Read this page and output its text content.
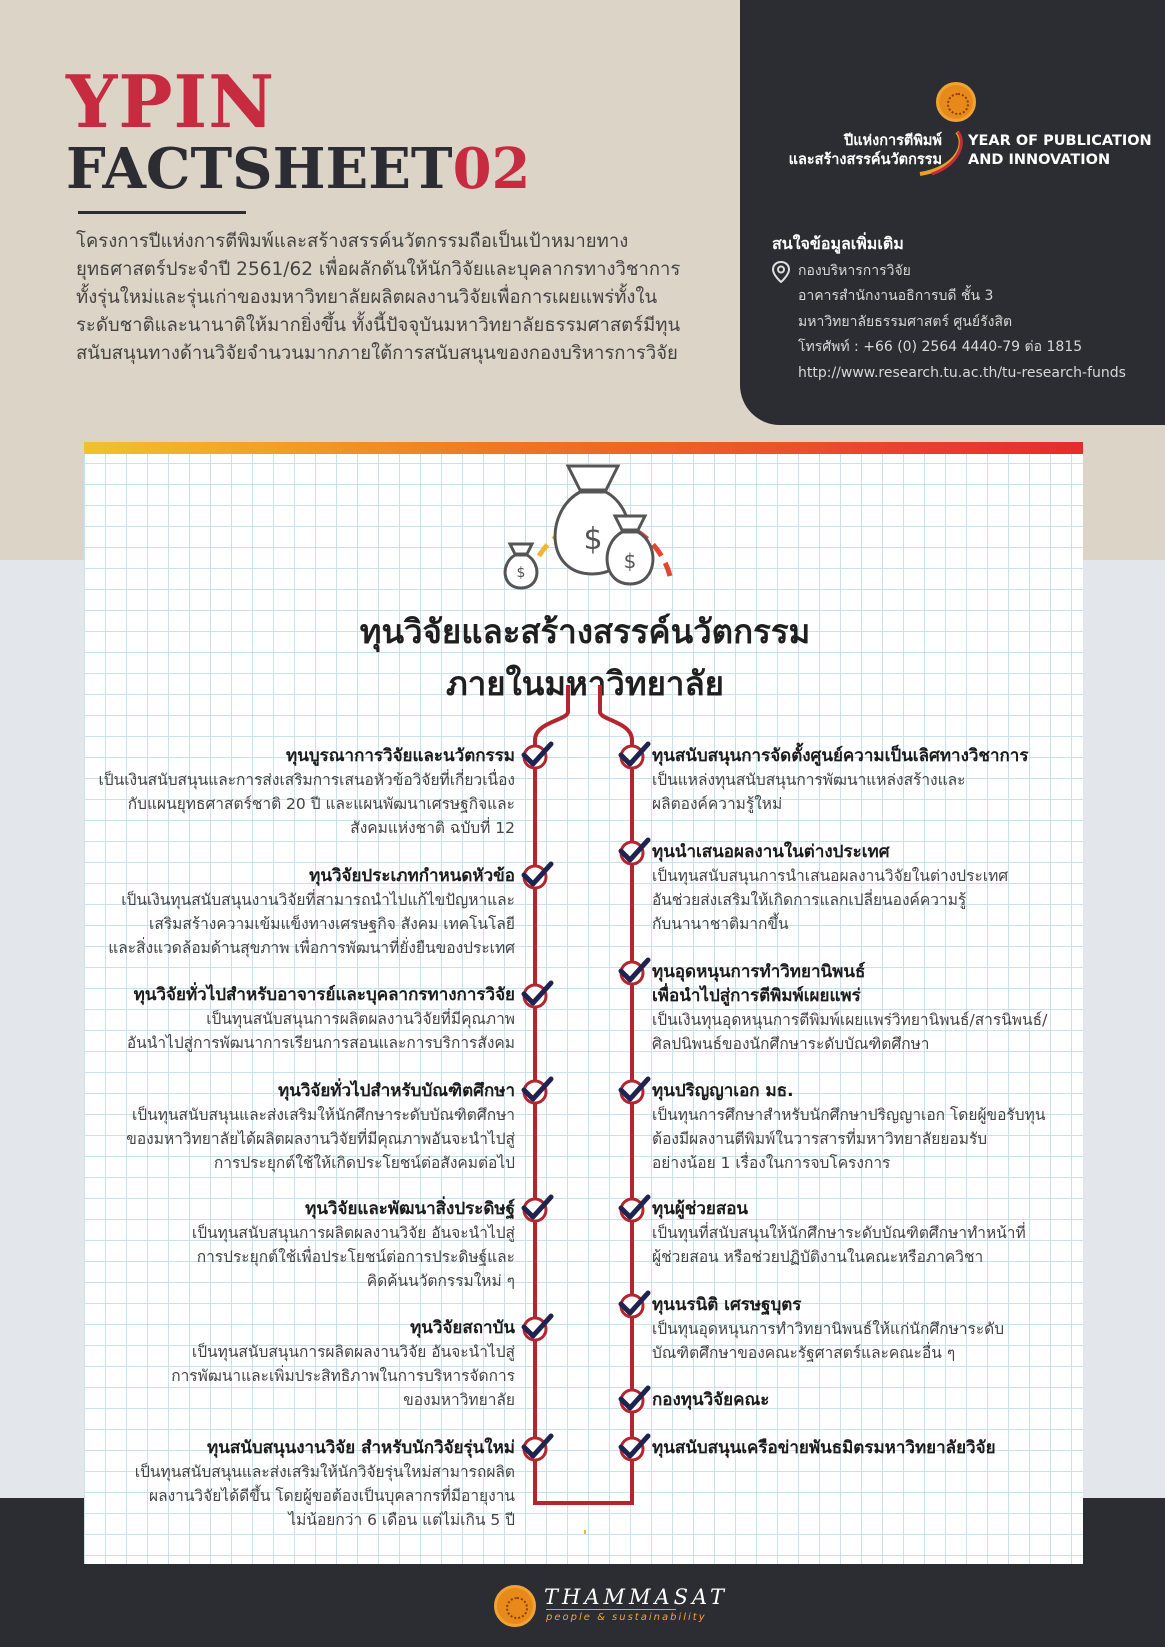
YPIN
FACTSHEET02

โครงการปีแห่งการตีพิมพ์และสร้างสรรค์นวัตกรรมถือเป็นเป้าหมายทาง

ยุทธศาสตร์ประจำปี 2561/62 เพื่อผลักดันให้นักวิจัยและบุคลากรทางวิชาการ

ทั้งรุ่นใหม่และรุ่นเก่าของมหาวิทยาลัยผลิตผลงานวิจัยเพื่อการเผยแพร่ทั้งใน

ระดับชาติและนานาติให้มากยิ่งขึ้น ทั้งนี้ปัจจุบันมหาวิทยาลัยธรรมศาสตร์มีทุน

สนับสนุนทางด้านวิจัยจำนวนมากภายใต้การสนับสนุนของกองบริหารการวิจัย

ปีแห่งการตีพิมพ์
และสร้างสรรค์นวัตกรรม
YEAR OF PUBLICATION
AND INNOVATION
สนใจข้อมูลเพิ่มเติม
กองบริหารการวิจัย
อาคารสำนักงานอธิการบดี ชั้น 3
มหาวิทยาลัยธรรมศาสตร์ ศูนย์รังสิต
โทรศัพท์ : +66 (0) 2564 4440-79 ต่อ 1815
http://www.research.tu.ac.th/tu-research-funds
$
$
$
ทุนวิจัยและสร้างสรรค์นวัตกรรม
ภายในมหาวิทยาลัย
ทุนบูรณาการวิจัยและนวัตกรรม

เป็นเงินสนับสนุนและการส่งเสริมการเสนอหัวข้อวิจัยที่เกี่ยวเนื่อง

กับแผนยุทธศาสตร์ชาติ 20 ปี และแผนพัฒนาเศรษฐกิจและ

สังคมแห่งชาติ ฉบับที่ 12

ทุนวิจัยประเภทกำหนดหัวข้อ

เป็นเงินทุนสนับสนุนงานวิจัยที่สามารถนำไปแก้ไขปัญหาและ

เสริมสร้างความเข้มแข็งทางเศรษฐกิจ สังคม เทคโนโลยี

และสิ่งแวดล้อมด้านสุขภาพ เพื่อการพัฒนาที่ยั่งยืนของประเทศ

ทุนวิจัยทั่วไปสำหรับอาจารย์และบุคลากรทางการวิจัย

เป็นทุนสนับสนุนการผลิตผลงานวิจัยที่มีคุณภาพ

อันนำไปสู่การพัฒนาการเรียนการสอนและการบริการสังคม

ทุนวิจัยทั่วไปสำหรับบัณฑิตศึกษา

เป็นทุนสนับสนุนและส่งเสริมให้นักศึกษาระดับบัณฑิตศึกษา

ของมหาวิทยาลัยได้ผลิตผลงานวิจัยที่มีคุณภาพอันจะนำไปสู่

การประยุกต์ใช้ให้เกิดประโยชน์ต่อสังคมต่อไป

ทุนวิจัยและพัฒนาสิ่งประดิษฐ์

เป็นทุนสนับสนุนการผลิตผลงานวิจัย อันจะนำไปสู่

การประยุกต์ใช้เพื่อประโยชน์ต่อการประดิษฐ์และ

คิดค้นนวัตกรรมใหม่ ๆ

ทุนวิจัยสถาบัน

เป็นทุนสนับสนุนการผลิตผลงานวิจัย อันจะนำไปสู่

การพัฒนาและเพิ่มประสิทธิภาพในการบริหารจัดการ

ของมหาวิทยาลัย

ทุนสนับสนุนงานวิจัย สำหรับนักวิจัยรุ่นใหม่

เป็นทุนสนับสนุนและส่งเสริมให้นักวิจัยรุ่นใหม่สามารถผลิต

ผลงานวิจัยได้ดีขึ้น โดยผู้ขอต้องเป็นบุคลากรที่มีอายุงาน

ไม่น้อยกว่า 6 เดือน แต่ไม่เกิน 5 ปี

ทุนสนับสนุนการจัดตั้งศูนย์ความเป็นเลิศทางวิชาการ

เป็นแหล่งทุนสนับสนุนการพัฒนาแหล่งสร้างและ

ผลิตองค์ความรู้ใหม่

ทุนนำเสนอผลงานในต่างประเทศ

เป็นทุนสนับสนุนการนำเสนอผลงานวิจัยในต่างประเทศ

อันช่วยส่งเสริมให้เกิดการแลกเปลี่ยนองค์ความรู้

กับนานาชาติมากขึ้น

ทุนอุดหนุนการทำวิทยานิพนธ์
เพื่อนำไปสู่การตีพิมพ์เผยแพร่

เป็นเงินทุนอุดหนุนการตีพิมพ์เผยแพร่วิทยานิพนธ์/สารนิพนธ์/

ศิลปนิพนธ์ของนักศึกษาระดับบัณฑิตศึกษา

ทุนปริญญาเอก มธ.

เป็นทุนการศึกษาสำหรับนักศึกษาปริญญาเอก โดยผู้ขอรับทุน

ต้องมีผลงานตีพิมพ์ในวารสารที่มหาวิทยาลัยยอมรับ

อย่างน้อย 1 เรื่องในการจบโครงการ

ทุนผู้ช่วยสอน

เป็นทุนที่สนับสนุนให้นักศึกษาระดับบัณฑิตศึกษาทำหน้าที่

ผู้ช่วยสอน หรือช่วยปฏิบัติงานในคณะหรือภาควิชา

ทุนนรนิติ เศรษฐบุตร

เป็นทุนอุดหนุนการทำวิทยานิพนธ์ให้แก่นักศึกษาระดับ

บัณฑิตศึกษาของคณะรัฐศาสตร์และคณะอื่น ๆ

กองทุนวิจัยคณะ
ทุนสนับสนุนเครือข่ายพันธมิตรมหาวิทยาลัยวิจัย
THAMMASAT
people & sustainability
